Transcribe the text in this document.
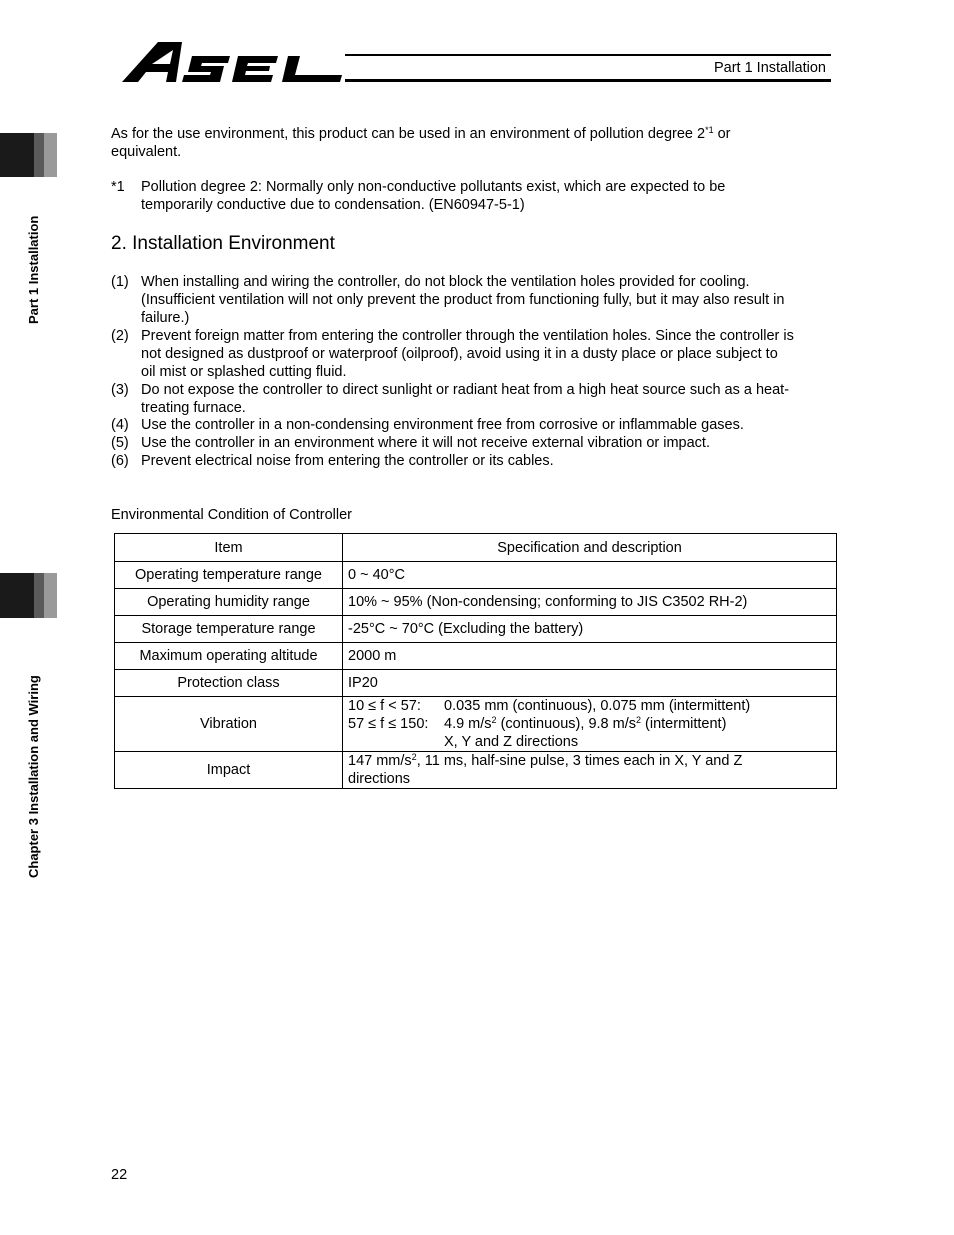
ASEL
Part 1 Installation
Part 1 Installation
Chapter 3 Installation and Wiring
As for the use environment, this product can be used in an environment of pollution degree 2$^{*1}$ or
equivalent.
*1 Pollution degree 2: Normally only non-conductive pollutants exist, which are expected to be
temporarily conductive due to condensation. (EN60947-5-1)
2. Installation Environment
(1) When installing and wiring the controller, do not block the ventilation holes provided for cooling.
(Insufficient ventilation will not only prevent the product from functioning fully, but it may also result in
failure.)
(2) Prevent foreign matter from entering the controller through the ventilation holes. Since the controller is
not designed as dustproof or waterproof (oilproof), avoid using it in a dusty place or place subject to
oil mist or splashed cutting fluid.
(3) Do not expose the controller to direct sunlight or radiant heat from a high heat source such as a heat-
treating furnace.
(4) Use the controller in a non-condensing environment free from corrosive or inflammable gases.
(5) Use the controller in an environment where it will not receive external vibration or impact.
(6) Prevent electrical noise from entering the controller or its cables.
Environmental Condition of Controller
Item	Specification and description
Operating temperature range	0 ~ 40°C
Operating humidity range	10% ~ 95% (Non-condensing; conforming to JIS C3502 RH-2)
Storage temperature range	-25°C ~ 70°C (Excluding the battery)
Maximum operating altitude	2000 m
Protection class	IP20
Vibration	10 ≤ f < 57: 0.035 mm (continuous), 0.075 mm (intermittent)
57 ≤ f ≤ 150: 4.9 $m/s^2$ (continuous), 9.8 $m/s^2$ (intermittent)
X, Y and Z directions
Impact	147 $mm/s^2$, 11 ms, half-sine pulse, 3 times each in X, Y and Z
directions
22
